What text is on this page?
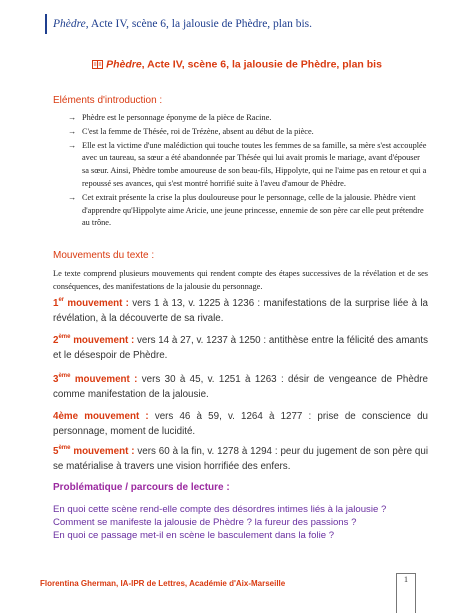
Phèdre, Acte IV, scène 6, la jalousie de Phèdre, plan bis.
Phèdre, Acte IV, scène 6, la jalousie de Phèdre, plan bis
Eléments d'introduction :
→ Phèdre est le personnage éponyme de la pièce de Racine.
→ C'est la femme de Thésée, roi de Trézène, absent au début de la pièce.
→ Elle est la victime d'une malédiction qui touche toutes les femmes de sa famille, sa mère s'est accouplée avec un taureau, sa sœur a été abandonnée par Thésée qui lui avait promis le mariage, avant d'épouser sa sœur. Ainsi, Phèdre tombe amoureuse de son beau-fils, Hippolyte, qui ne l'aime pas en retour et qui a repoussé ses avances, qui s'est montré horrifié suite à l'aveu d'amour de Phèdre.
→ Cet extrait présente la crise la plus douloureuse pour le personnage, celle de la jalousie. Phèdre vient d'apprendre qu'Hippolyte aime Aricie, une jeune princesse, ennemie de son père car elle peut prétendre au trône.
Mouvements du texte :
Le texte comprend plusieurs mouvements qui rendent compte des étapes successives de la révélation et de ses conséquences, des manifestations de la jalousie du personnage.
1er mouvement : vers 1 à 13, v. 1225 à 1236 : manifestations de la surprise liée à la révélation, à la découverte de sa rivale.
2ème mouvement : vers 14 à 27, v. 1237 à 1250 : antithèse entre la félicité des amants et le désespoir de Phèdre.
3ème mouvement : vers 30 à 45, v. 1251 à 1263 : désir de vengeance de Phèdre comme manifestation de la jalousie.
4ème mouvement : vers 46 à 59, v. 1264 à 1277 : prise de conscience du personnage, moment de lucidité.
5ème mouvement : vers 60 à la fin, v. 1278 à 1294 : peur du jugement de son père qui se matérialise à travers une vision horrifiée des enfers.
Problématique / parcours de lecture :
En quoi cette scène rend-elle compte des désordres intimes liés à la jalousie ?
Comment se manifeste la jalousie de Phèdre ? la fureur des passions ?
En quoi ce passage met-il en scène le basculement dans la folie ?
Florentina Gherman, IA-IPR de Lettres, Académie d'Aix-Marseille	1
